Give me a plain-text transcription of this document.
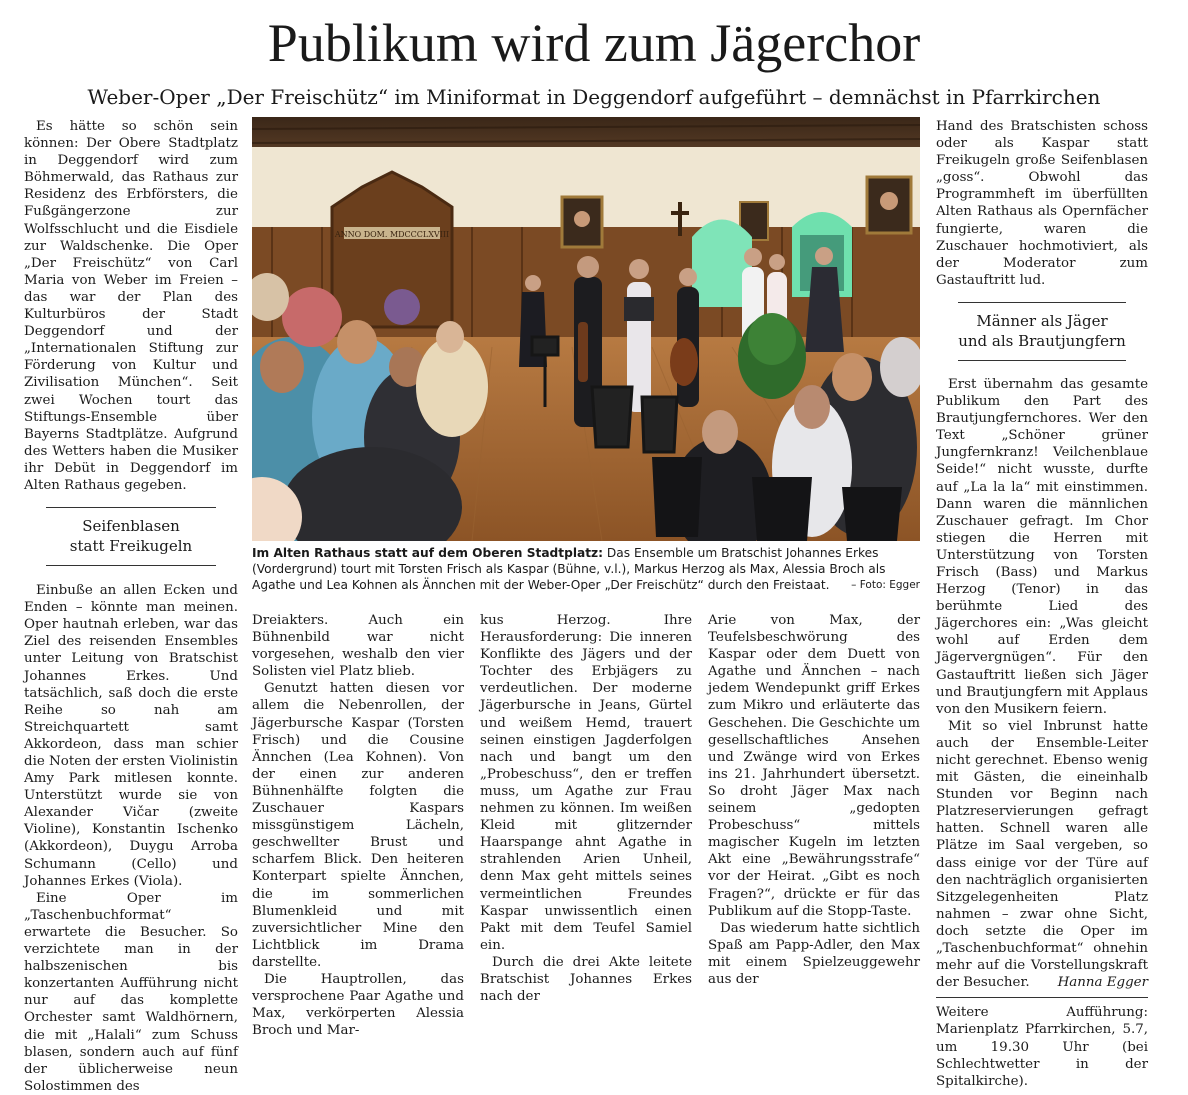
Publikum wird zum Jägerchor
Weber-Oper „Der Freischütz“ im Miniformat in Deggendorf aufgeführt – demnächst in Pfarrkirchen

Es hätte so schön sein können: Der Obere Stadtplatz in Deggendorf wird zum Böhmerwald, das Rathaus zur Residenz des Erbförsters, die Fußgängerzone zur Wolfsschlucht und die Eisdiele zur Waldschenke. Die Oper „Der Freischütz“ von Carl Maria von Weber im Freien – das war der Plan des Kulturbüros der Stadt Deggendorf und der „Internationalen Stiftung zur Förderung von Kultur und Zivilisation München“. Seit zwei Wochen tourt das Stiftungs-Ensemble über Bayerns Stadtplätze. Aufgrund des Wetters haben die Musiker ihr Debüt in Deggendorf im Alten Rathaus gegeben.

Seifenblasen
statt Freikugeln

Einbuße an allen Ecken und Enden – könnte man meinen. Oper hautnah erleben, war das Ziel des reisenden Ensembles unter Leitung von Bratschist Johannes Erkes. Und tatsächlich, saß doch die erste Reihe so nah am Streichquartett samt Akkordeon, dass man schier die Noten der ersten Violinistin Amy Park mitlesen konnte. Unterstützt wurde sie von Alexander Vičar (zweite Violine), Konstantin Ischenko (Akkordeon), Duygu Arroba Schumann (Cello) und Johannes Erkes (Viola).

Eine Oper im „Taschenbuchformat“ erwartete die Besucher. So verzichtete man in der halbszenischen bis konzertanten Aufführung nicht nur auf das komplette Orchester samt Waldhörnern, die mit „Halali“ zum Schuss blasen, sondern auch auf fünf der üblicherweise neun Solostimmen des

ANNO DOM. MDCCCLXVIII
Im Alten Rathaus statt auf dem Oberen Stadtplatz: Das Ensemble um Bratschist Johannes Erkes (Vordergrund) tourt mit Torsten Frisch als Kaspar (Bühne, v.l.), Markus Herzog als Max, Alessia Broch als Agathe und Lea Kohnen als Ännchen mit der Weber-Oper „Der Freischütz“ durch den Freistaat. – Foto: Egger

Dreiakters. Auch ein Bühnenbild war nicht vorgesehen, weshalb den vier Solisten viel Platz blieb.

Genutzt hatten diesen vor allem die Nebenrollen, der Jägerbursche Kaspar (Torsten Frisch) und die Cousine Ännchen (Lea Kohnen). Von der einen zur anderen Bühnenhälfte folgten die Zuschauer Kaspars missgünstigem Lächeln, geschwellter Brust und scharfem Blick. Den heiteren Konterpart spielte Ännchen, die im sommerlichen Blumenkleid und mit zuversichtlicher Mine den Lichtblick im Drama darstellte.

Die Hauptrollen, das versprochene Paar Agathe und Max, verkörperten Alessia Broch und Mar-

kus Herzog. Ihre Herausforderung: Die inneren Konflikte des Jägers und der Tochter des Erbjägers zu verdeutlichen. Der moderne Jägerbursche in Jeans, Gürtel und weißem Hemd, trauert seinen einstigen Jagderfolgen nach und bangt um den „Probeschuss“, den er treffen muss, um Agathe zur Frau nehmen zu können. Im weißen Kleid mit glitzernder Haarspange ahnt Agathe in strahlenden Arien Unheil, denn Max geht mittels seines vermeintlichen Freundes Kaspar unwissentlich einen Pakt mit dem Teufel Samiel ein.

Durch die drei Akte leitete Bratschist Johannes Erkes nach der

Arie von Max, der Teufelsbeschwörung des Kaspar oder dem Duett von Agathe und Ännchen – nach jedem Wendepunkt griff Erkes zum Mikro und erläuterte das Geschehen. Die Geschichte um gesellschaftliches Ansehen und Zwänge wird von Erkes ins 21. Jahrhundert übersetzt. So droht Jäger Max nach seinem „gedopten Probeschuss“ mittels magischer Kugeln im letzten Akt eine „Bewährungsstrafe“ vor der Heirat. „Gibt es noch Fragen?“, drückte er für das Publikum auf die Stopp-Taste.

Das wiederum hatte sichtlich Spaß am Papp-Adler, den Max mit einem Spielzeuggewehr aus der

Hand des Bratschisten schoss oder als Kaspar statt Freikugeln große Seifenblasen „goss“. Obwohl das Programmheft im überfüllten Alten Rathaus als Opernfächer fungierte, waren die Zuschauer hochmotiviert, als der Moderator zum Gastauftritt lud.

Männer als Jäger
und als Brautjungfern

Erst übernahm das gesamte Publikum den Part des Brautjungfernchores. Wer den Text „Schöner grüner Jungfernkranz! Veilchenblaue Seide!“ nicht wusste, durfte auf „La la la“ mit einstimmen. Dann waren die männlichen Zuschauer gefragt. Im Chor stiegen die Herren mit Unterstützung von Torsten Frisch (Bass) und Markus Herzog (Tenor) in das berühmte Lied des Jägerchores ein: „Was gleicht wohl auf Erden dem Jägervergnügen“. Für den Gastauftritt ließen sich Jäger und Brautjungfern mit Applaus von den Musikern feiern.

Mit so viel Inbrunst hatte auch der Ensemble-Leiter nicht gerechnet. Ebenso wenig mit Gästen, die eineinhalb Stunden vor Beginn nach Platzreservierungen gefragt hatten. Schnell waren alle Plätze im Saal vergeben, so dass einige vor der Türe auf den nachträglich organisierten Sitzgelegenheiten Platz nahmen – zwar ohne Sicht, doch setzte die Oper im „Taschenbuchformat“ ohnehin mehr auf die Vorstellungskraft der Besucher.	Hanna Egger

Weitere Aufführung: Marienplatz Pfarrkirchen, 5.7, um 19.30 Uhr (bei Schlechtwetter in der Spitalkirche).
